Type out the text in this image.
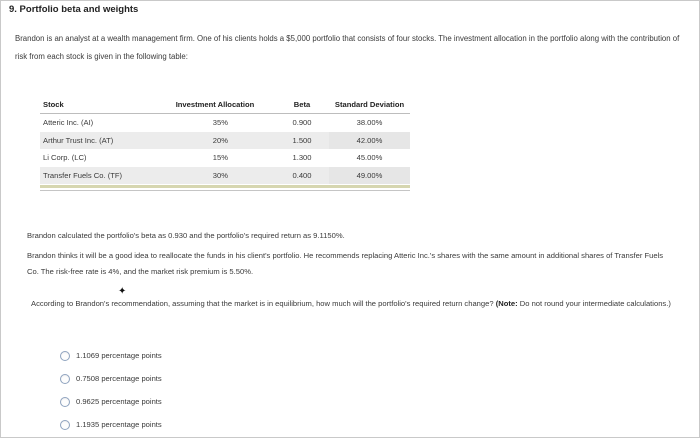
9. Portfolio beta and weights
Brandon is an analyst at a wealth management firm. One of his clients holds a $5,000 portfolio that consists of four stocks. The investment allocation in the portfolio along with the contribution of risk from each stock is given in the following table:
Stock	Investment Allocation	Beta	Standard Deviation
Atteric Inc. (AI)	35%	0.900	38.00%
Arthur Trust Inc. (AT)	20%	1.500	42.00%
Li Corp. (LC)	15%	1.300	45.00%
Transfer Fuels Co. (TF)	30%	0.400	49.00%
Brandon calculated the portfolio's beta as 0.930 and the portfolio's required return as 9.1150%.
Brandon thinks it will be a good idea to reallocate the funds in his client's portfolio. He recommends replacing Atteric Inc.'s shares with the same amount in additional shares of Transfer Fuels Co. The risk-free rate is 4%, and the market risk premium is 5.50%.
✦
According to Brandon's recommendation, assuming that the market is in equilibrium, how much will the portfolio's required return change? (Note: Do not round your intermediate calculations.)
1.1069 percentage points
0.7508 percentage points
0.9625 percentage points
1.1935 percentage points
